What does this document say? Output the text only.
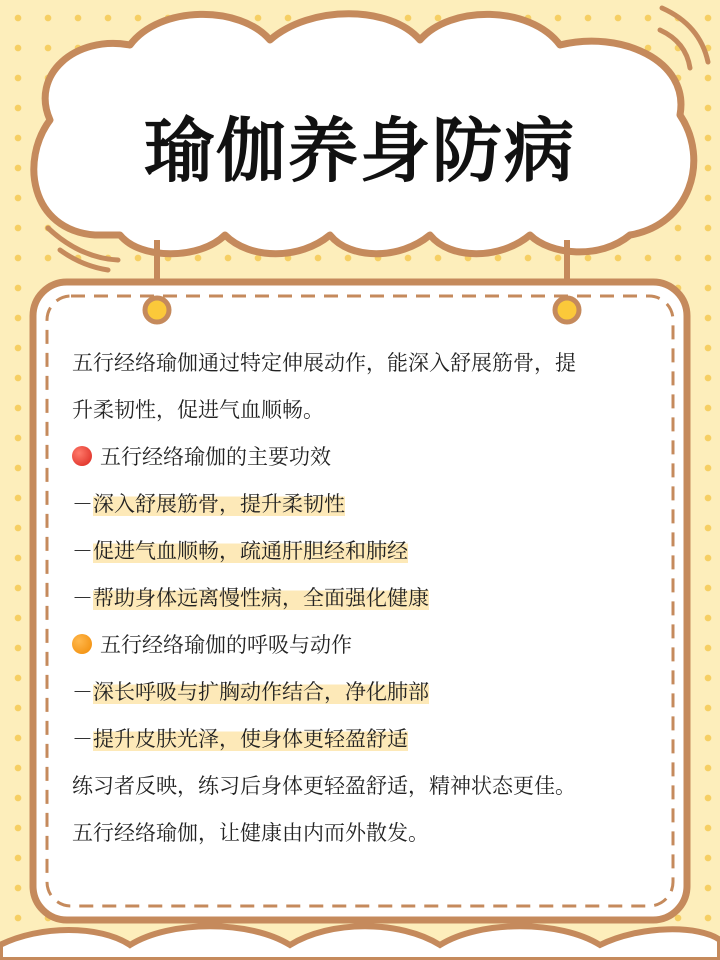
瑜伽养身防病

五行经络瑜伽通过特定伸展动作，能深入舒展筋骨，提

升柔韧性，促进气血顺畅。

五行经络瑜伽的主要功效

－深入舒展筋骨，提升柔韧性

－促进气血顺畅，疏通肝胆经和肺经

－帮助身体远离慢性病，全面强化健康

五行经络瑜伽的呼吸与动作

－深长呼吸与扩胸动作结合，净化肺部

－提升皮肤光泽，使身体更轻盈舒适

练习者反映，练习后身体更轻盈舒适，精神状态更佳。

五行经络瑜伽，让健康由内而外散发。
